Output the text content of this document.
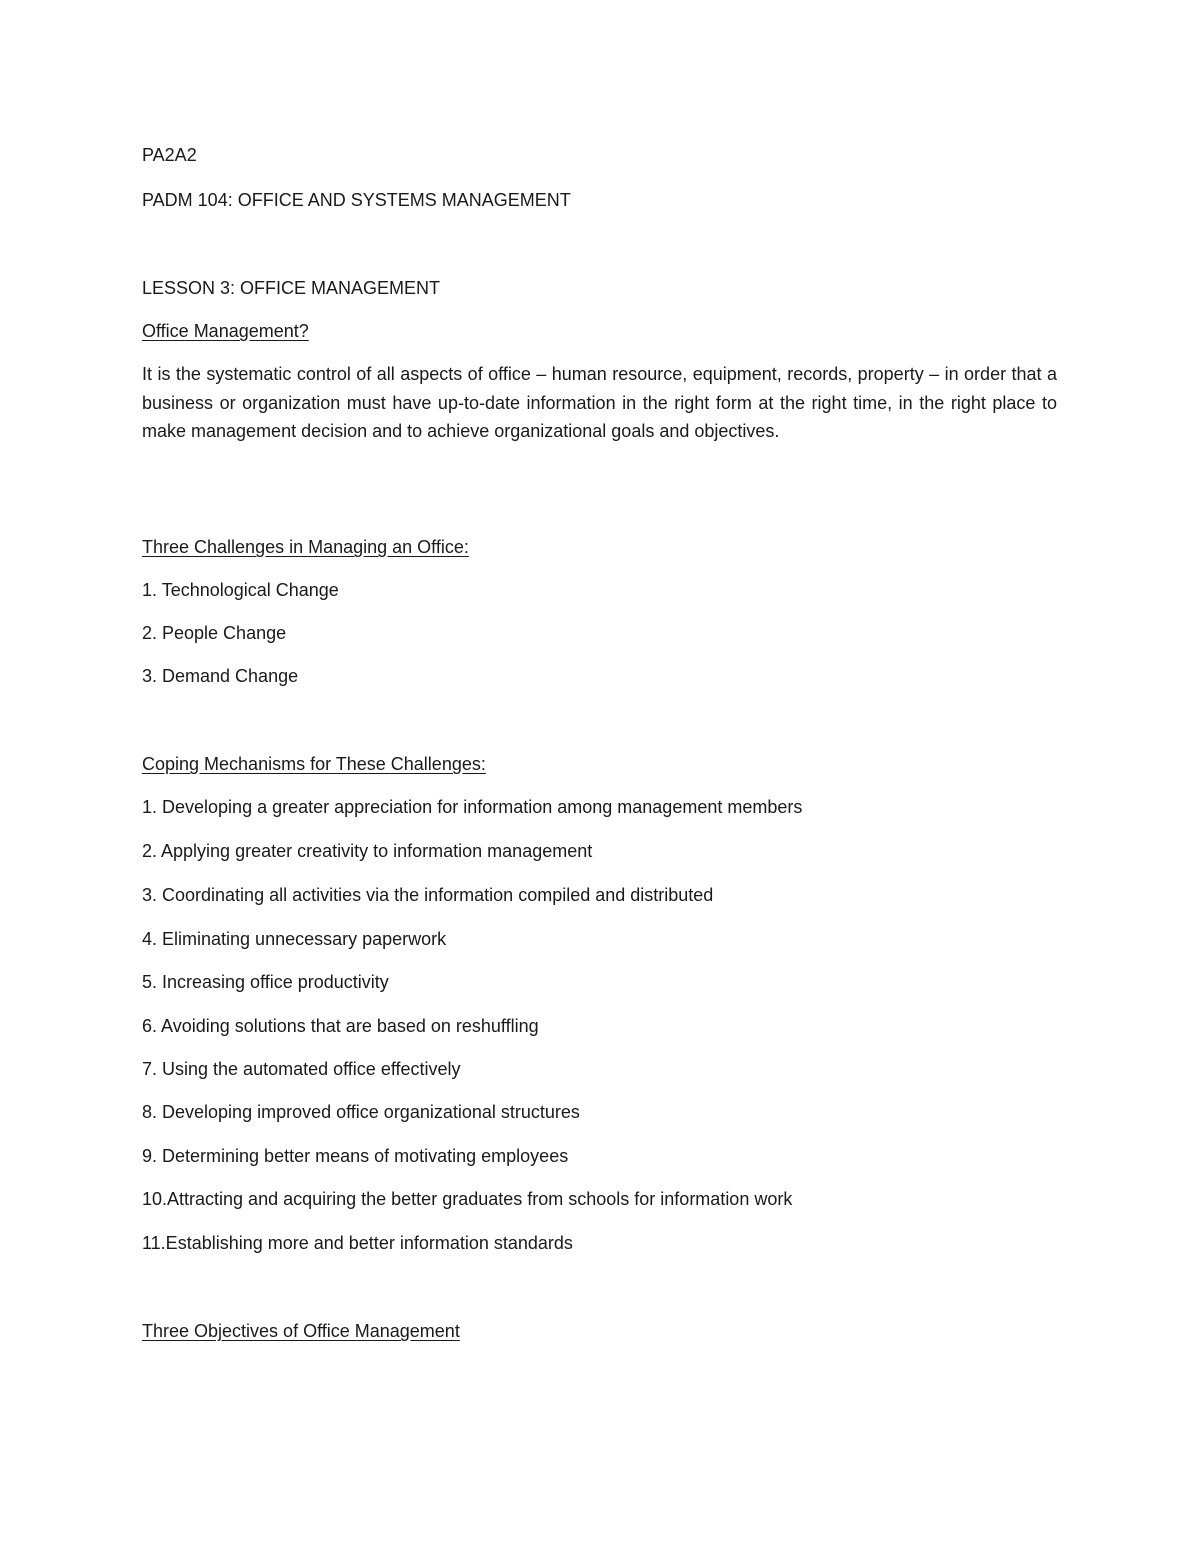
PA2A2

PADM 104: OFFICE AND SYSTEMS MANAGEMENT

LESSON 3: OFFICE MANAGEMENT

Office Management?

It is the systematic control of all aspects of office – human resource, equipment, records, property – in order that a business or organization must have up-to-date information in the right form at the right time, in the right place to make management decision and to achieve organizational goals and objectives.

Three Challenges in Managing an Office:

1. Technological Change

2. People Change

3. Demand Change

Coping Mechanisms for These Challenges:

1. Developing a greater appreciation for information among management members

2. Applying greater creativity to information management

3. Coordinating all activities via the information compiled and distributed

4. Eliminating unnecessary paperwork

5. Increasing office productivity

6. Avoiding solutions that are based on reshuffling

7. Using the automated office effectively

8. Developing improved office organizational structures

9. Determining better means of motivating employees

10.Attracting and acquiring the better graduates from schools for information work

11.Establishing more and better information standards

Three Objectives of Office Management
